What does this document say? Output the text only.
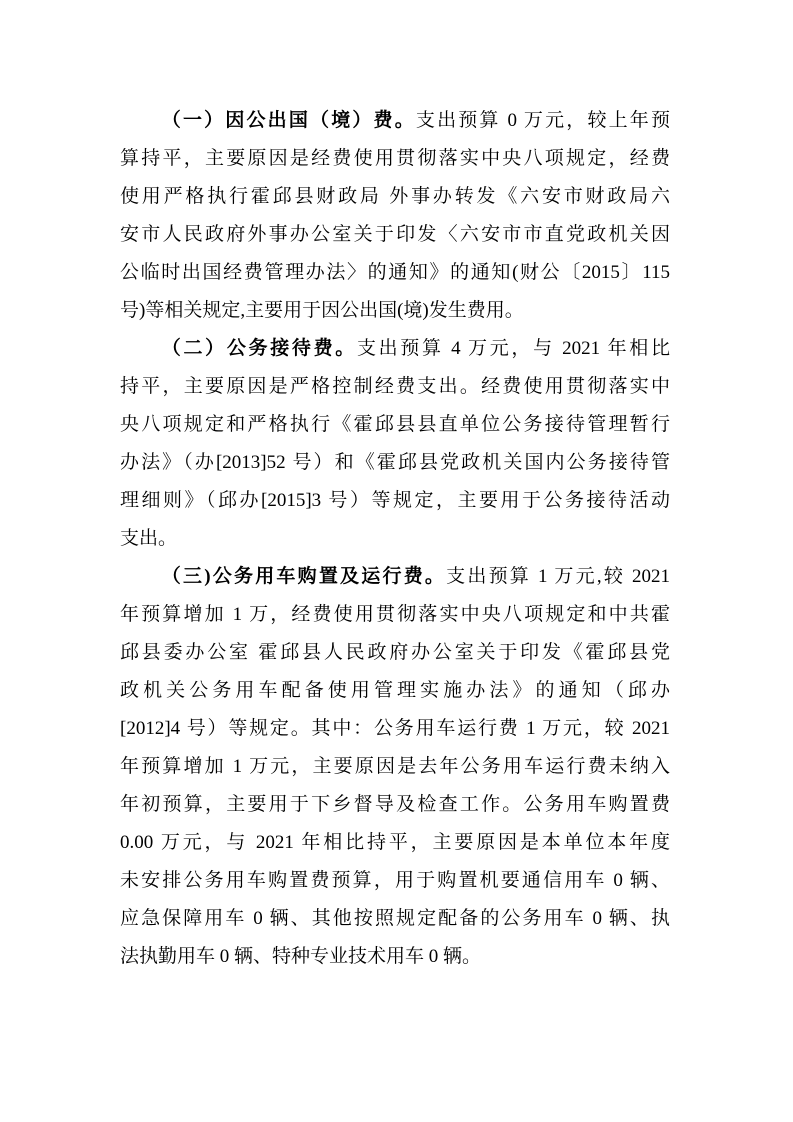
（一）因公出国（境）费。支出预算 0 万元，较上年预
算持平，主要原因是经费使用贯彻落实中央八项规定，经费
使用严格执行霍邱县财政局 外事办转发《六安市财政局六
安市人民政府外事办公室关于印发〈六安市市直党政机关因
公临时出国经费管理办法〉的通知》的通知(财公〔2015〕115
号)等相关规定,主要用于因公出国(境)发生费用。
（二）公务接待费。支出预算 4 万元，与 2021 年相比
持平，主要原因是严格控制经费支出。经费使用贯彻落实中
央八项规定和严格执行《霍邱县县直单位公务接待管理暂行
办法》（办[2013]52 号）和《霍邱县党政机关国内公务接待管
理细则》（邱办[2015]3 号）等规定，主要用于公务接待活动
支出。
（三)公务用车购置及运行费。支出预算 1 万元,较 2021
年预算增加 1 万，经费使用贯彻落实中央八项规定和中共霍
邱县委办公室 霍邱县人民政府办公室关于印发《霍邱县党
政机关公务用车配备使用管理实施办法》的通知（邱办
[2012]4 号）等规定。其中：公务用车运行费 1 万元，较 2021
年预算增加 1 万元，主要原因是去年公务用车运行费未纳入
年初预算，主要用于下乡督导及检查工作。公务用车购置费
0.00 万元，与 2021 年相比持平，主要原因是本单位本年度
未安排公务用车购置费预算，用于购置机要通信用车 0 辆、
应急保障用车 0 辆、其他按照规定配备的公务用车 0 辆、执
法执勤用车 0 辆、特种专业技术用车 0 辆。
